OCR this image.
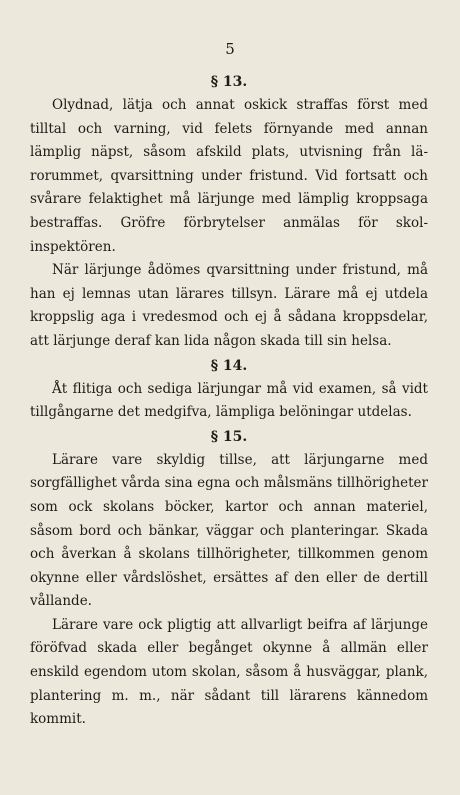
5
§ 13.

Olydnad, lätja och annat oskick straffas först med tilltal och varning, vid felets förnyande med annan lämplig näpst, såsom afskild plats, utvisning från lärorummet, qvarsittning under fristund. Vid fortsatt och svårare felaktighet må lärjunge med lämplig kroppsaga bestraffas. Gröfre förbrytelser anmälas för skolinspektören.

När lärjunge ådömes qvarsittning under fristund, må han ej lemnas utan lärares tillsyn. Lärare må ej utdela kroppslig aga i vredesmod och ej å sådana kroppsdelar, att lärjunge deraf kan lida någon skada till sin helsa.

§ 14.

Åt flitiga och sediga lärjungar må vid examen, så vidt tillgångarne det medgifva, lämpliga belöningar utdelas.

§ 15.

Lärare vare skyldig tillse, att lärjungarne med sorgfällighet vårda sina egna och målsmäns tillhörigheter som ock skolans böcker, kartor och annan materiel, såsom bord och bänkar, väggar och planteringar. Skada och åverkan å skolans tillhörigheter, tillkommen genom okynne eller vårdslöshet, ersättes af den eller de dertill vållande.

Lärare vare ock pligtig att allvarligt beifra af lärjunge föröfvad skada eller begånget okynne å allmän eller enskild egendom utom skolan, såsom å husväggar, plank, plantering m. m., när sådant till lärarens kännedom kommit.
